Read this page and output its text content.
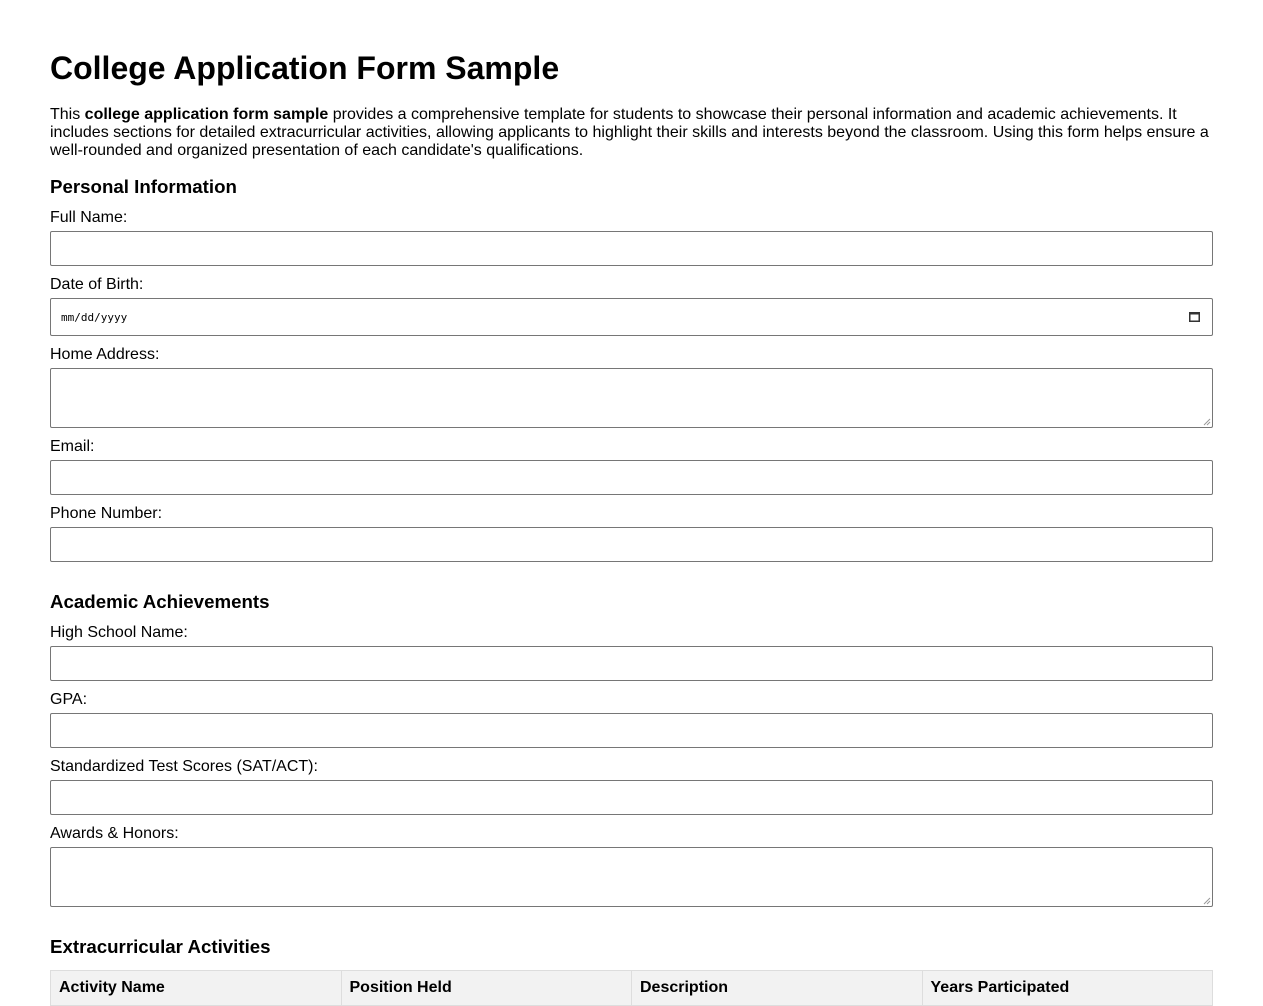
College Application Form Sample

This college application form sample provides a comprehensive template for students to showcase their personal information and academic achievements. It includes sections for detailed extracurricular activities, allowing applicants to highlight their skills and interests beyond the classroom. Using this form helps ensure a well-rounded and organized presentation of each candidate's qualifications.

Personal Information
Full Name:
Date of Birth:
mm/dd/yyyy
Home Address:
Email:
Phone Number:
Academic Achievements
High School Name:
GPA:
Standardized Test Scores (SAT/ACT):
Awards & Honors:
Extracurricular Activities
Activity Name	Position Held	Description	Years Participated
